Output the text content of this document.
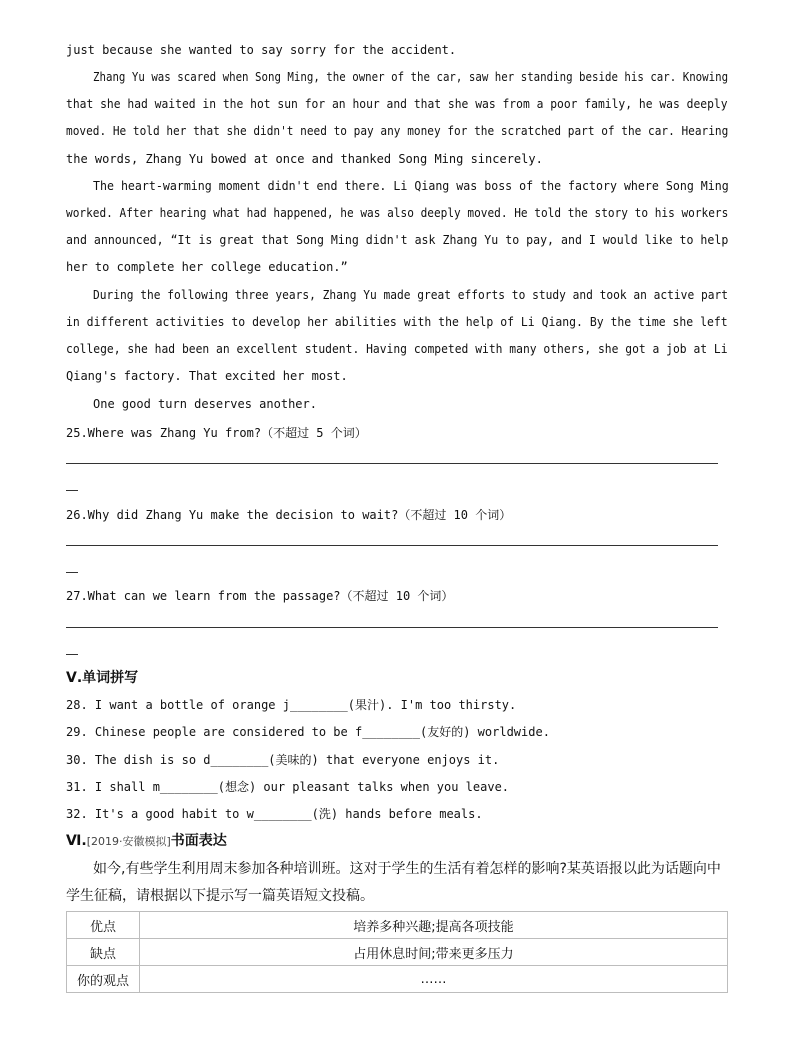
just because she wanted to say sorry for the accident.
Zhang Yu was scared when Song Ming, the owner of the car, saw her standing beside his car. Knowing
that she had waited in the hot sun for an hour and that she was from a poor family, he was deeply
moved. He told her that she didn't need to pay any money for the scratched part of the car. Hearing
the words, Zhang Yu bowed at once and thanked Song Ming sincerely.
The heart-warming moment didn't end there. Li Qiang was boss of the factory where Song Ming
worked. After hearing what had happened, he was also deeply moved. He told the story to his workers
and announced, “It is great that Song Ming didn't ask Zhang Yu to pay, and I would like to help
her to complete her college education.”
During the following three years, Zhang Yu made great efforts to study and took an active part
in different activities to develop her abilities with the help of Li Qiang. By the time she left
college, she had been an excellent student. Having competed with many others, she got a job at Li
Qiang's factory. That excited her most.
One good turn deserves another.
25.Where was Zhang Yu from?（不超过 5 个词）
26.Why did Zhang Yu make the decision to wait?（不超过 10 个词）
27.What can we learn from the passage?（不超过 10 个词）
Ⅴ.单词拼写
28. I want a bottle of orange j________(果汁). I'm too thirsty.
29. Chinese people are considered to be f________(友好的) worldwide.
30. The dish is so d________(美味的) that everyone enjoys it.
31. I shall m________(想念) our pleasant talks when you leave.
32. It's a good habit to w________(洗) hands before meals.
Ⅵ.[2019·安徽模拟]书面表达
如今,有些学生利用周末参加各种培训班。这对于学生的生活有着怎样的影响?某英语报以此为话题向中
学生征稿，请根据以下提示写一篇英语短文投稿。
优点	培养多种兴趣;提高各项技能
缺点	占用休息时间;带来更多压力
你的观点	……
